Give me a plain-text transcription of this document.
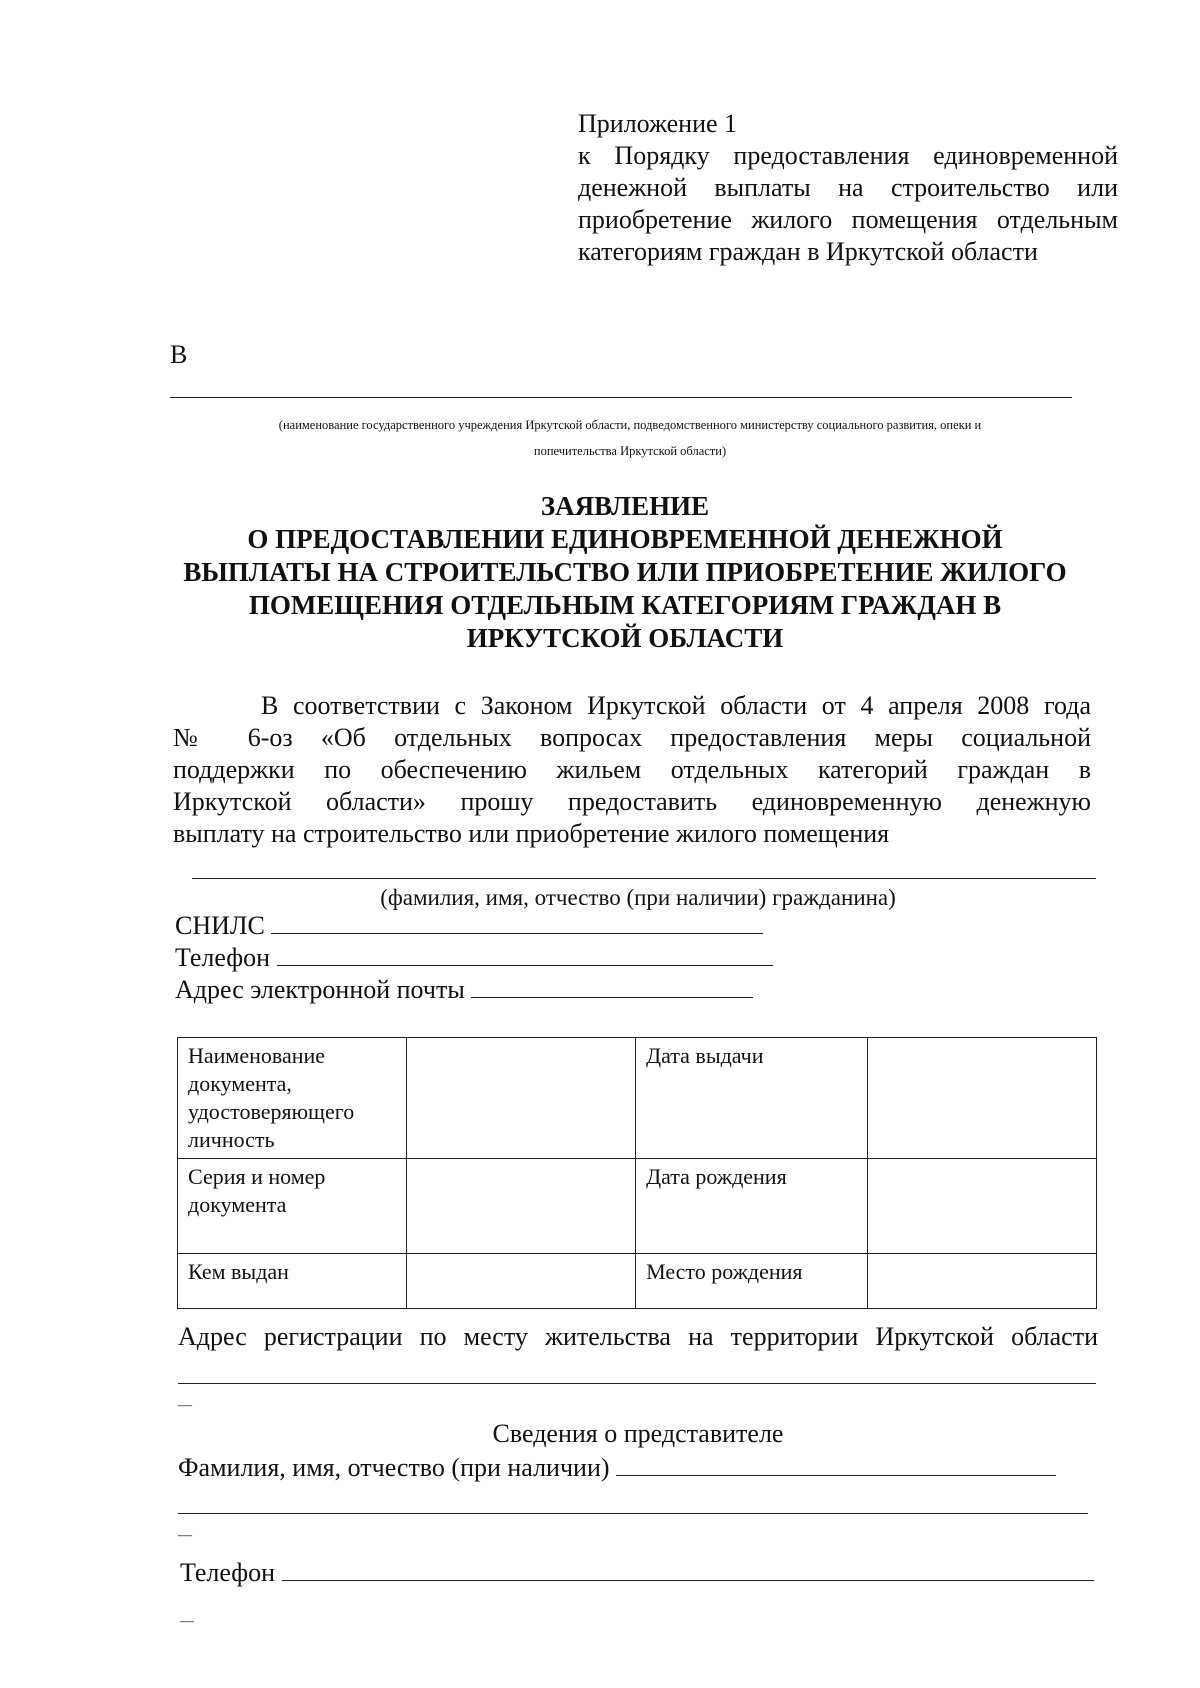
Приложение 1
к Порядку предоставления единовременной
денежной выплаты на строительство или
приобретение жилого помещения отдельным
категориям граждан в Иркутской области
В
(наименование государственного учреждения Иркутской области, подведомственного министерству социального развития, опеки и
попечительства Иркутской области)
ЗАЯВЛЕНИЕ
О ПРЕДОСТАВЛЕНИИ ЕДИНОВРЕМЕННОЙ ДЕНЕЖНОЙ
ВЫПЛАТЫ НА СТРОИТЕЛЬСТВО ИЛИ ПРИОБРЕТЕНИЕ ЖИЛОГО
ПОМЕЩЕНИЯ ОТДЕЛЬНЫМ КАТЕГОРИЯМ ГРАЖДАН В
ИРКУТСКОЙ ОБЛАСТИ
В соответствии с Законом Иркутской области от 4 апреля 2008 года
№ 6-оз «Об отдельных вопросах предоставления меры социальной
поддержки по обеспечению жильем отдельных категорий граждан в
Иркутской области» прошу предоставить единовременную денежную
выплату на строительство или приобретение жилого помещения
(фамилия, имя, отчество (при наличии) гражданина)
СНИЛС
Телефон
Адрес электронной почты
Наименование документа, удостоверяющего личность		Дата выдачи	
Серия и номер документа		Дата рождения	
Кем выдан		Место рождения	
Адрес регистрации по месту жительства на территории Иркутской области
—
Сведения о представителе
Фамилия, имя, отчество (при наличии)
—
Телефон
—
